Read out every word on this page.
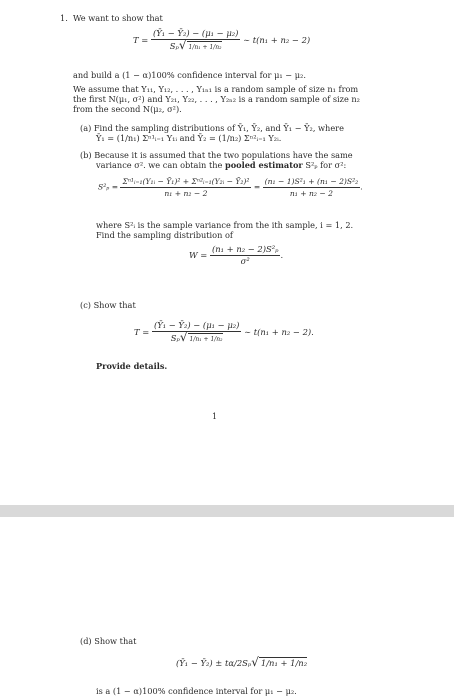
1. We want to show that
$T = \frac{\text{(Ȳ₁ − Ȳ₂) − (μ₁ − μ₂)}}{\text{Sₚ√ 1/n₁ + 1/n₂}}$ ∼ t(n₁ + n₂ − 2)
and build a (1 − α)100% confidence interval for μ₁ − μ₂.
We assume that Y₁₁, Y₁₂, . . . , Y₁ₙ₁ is a random sample of size n₁ from
the first N(μ₁, σ²) and Y₂₁, Y₂₂, . . . , Y₂ₙ₂ is a random sample of size n₂
from the second N(μ₂, σ²).
(a) Find the sampling distributions of Ȳ₁, Ȳ₂, and Ȳ₁ − Ȳ₂, where
Ȳ₁ = (1/n₁) Σⁿ¹ᵢ₌₁ Y₁ᵢ and Ȳ₂ = (1/n₂) Σⁿ²ᵢ₌₁ Y₂ᵢ.
(b) Because it is assumed that the two populations have the same
variance σ². we can obtain the pooled estimator S²ₚ for σ²:
$S^2_p = \frac{\text{Σⁿ¹ᵢ₌₁(Y₁ᵢ − Ȳ₁)² + Σⁿ²ᵢ₌₁(Y₂ᵢ − Ȳ₂)²}}{\text{n₁ + n₂ − 2}} = \frac{\text{(n₁ − 1)S²₁ + (n₁ − 2)S²₂}}{\text{n₁ + n₂ − 2}}$ .
where S²ᵢ is the sample variance from the ith sample, i = 1, 2.
Find the sampling distribution of
$W = \frac{\text{(n₁ + n₂ − 2)S²ₚ}}{\text{σ²}}$ .
(c) Show that
$T = \frac{\text{(Ȳ₁ − Ȳ₂) − (μ₁ − μ₂)}}{\text{Sₚ√ 1/n₁ + 1/n₂}}$ ∼ t(n₁ + n₂ − 2).
Provide details.
1
(d) Show that
(Ȳ₁ − Ȳ₂) ± tα/2Sₚ√ 1/n₁ + 1/n₂
is a (1 − α)100% confidence interval for μ₁ − μ₂.
